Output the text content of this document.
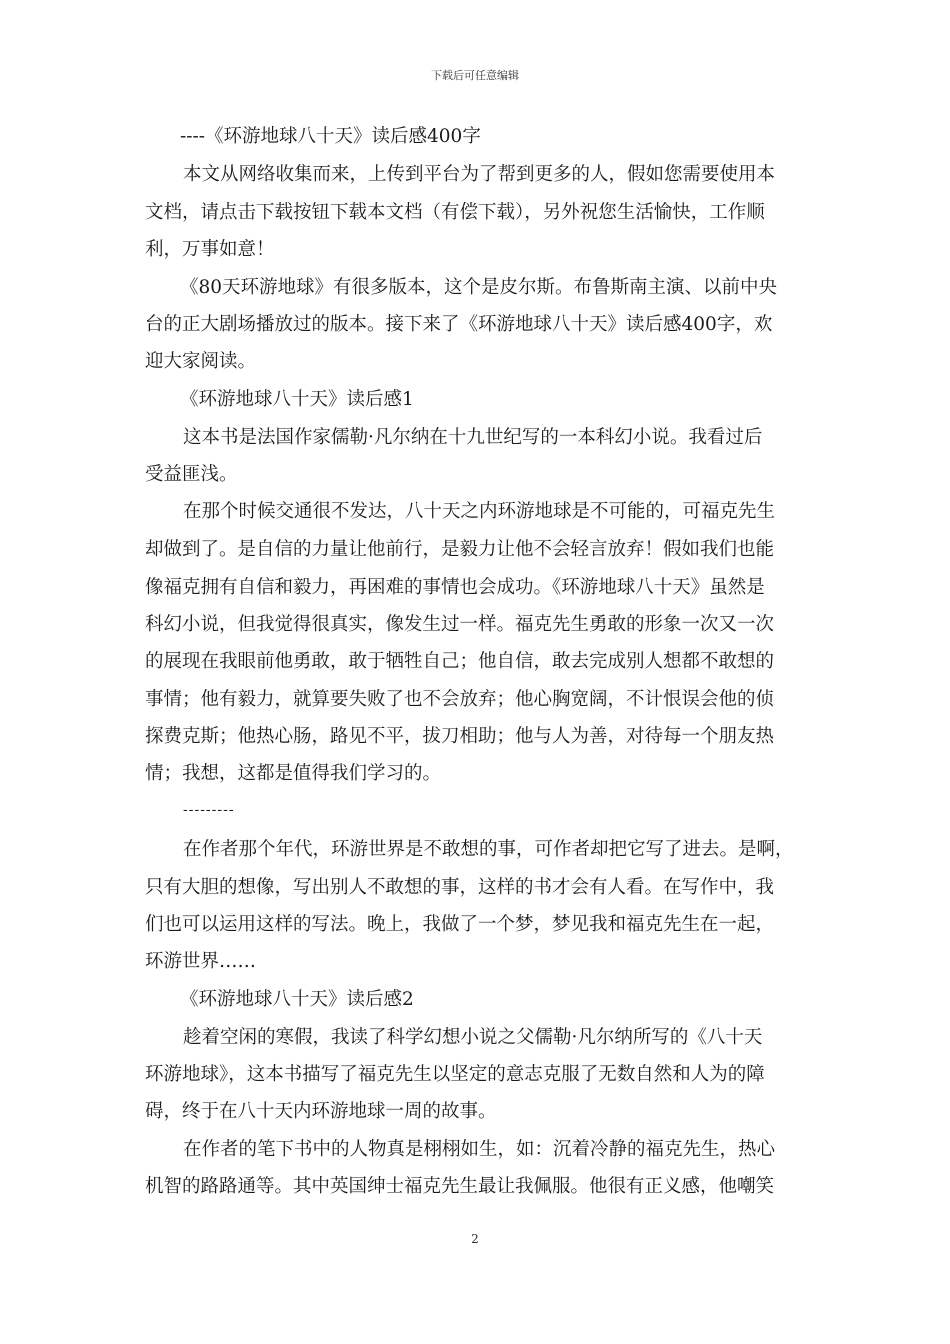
下载后可任意编辑
----《环游地球八十天》读后感400字
本文从网络收集而来，上传到平台为了帮到更多的人，假如您需要使用本
文档，请点击下载按钮下载本文档（有偿下载），另外祝您生活愉快，工作顺
利，万事如意！
《80天环游地球》有很多版本，这个是皮尔斯。布鲁斯南主演、以前中央
台的正大剧场播放过的版本。接下来了《环游地球八十天》读后感400字，欢
迎大家阅读。
《环游地球八十天》读后感1
这本书是法国作家儒勒·凡尔纳在十九世纪写的一本科幻小说。我看过后
受益匪浅。
在那个时候交通很不发达，八十天之内环游地球是不可能的，可福克先生
却做到了。是自信的力量让他前行，是毅力让他不会轻言放弃！假如我们也能
像福克拥有自信和毅力，再困难的事情也会成功。《环游地球八十天》虽然是
科幻小说，但我觉得很真实，像发生过一样。福克先生勇敢的形象一次又一次
的展现在我眼前他勇敢，敢于牺牲自己；他自信，敢去完成别人想都不敢想的
事情；他有毅力，就算要失败了也不会放弃；他心胸宽阔，不计恨误会他的侦
探费克斯；他热心肠，路见不平，拔刀相助；他与人为善，对待每一个朋友热
情；我想，这都是值得我们学习的。
---------
在作者那个年代，环游世界是不敢想的事，可作者却把它写了进去。是啊，
只有大胆的想像，写出别人不敢想的事，这样的书才会有人看。在写作中，我
们也可以运用这样的写法。晚上，我做了一个梦，梦见我和福克先生在一起，
环游世界……
《环游地球八十天》读后感2
趁着空闲的寒假，我读了科学幻想小说之父儒勒·凡尔纳所写的《八十天
环游地球》，这本书描写了福克先生以坚定的意志克服了无数自然和人为的障
碍，终于在八十天内环游地球一周的故事。
在作者的笔下书中的人物真是栩栩如生，如：沉着冷静的福克先生，热心
机智的路路通等。其中英国绅士福克先生最让我佩服。他很有正义感，他嘲笑
2
